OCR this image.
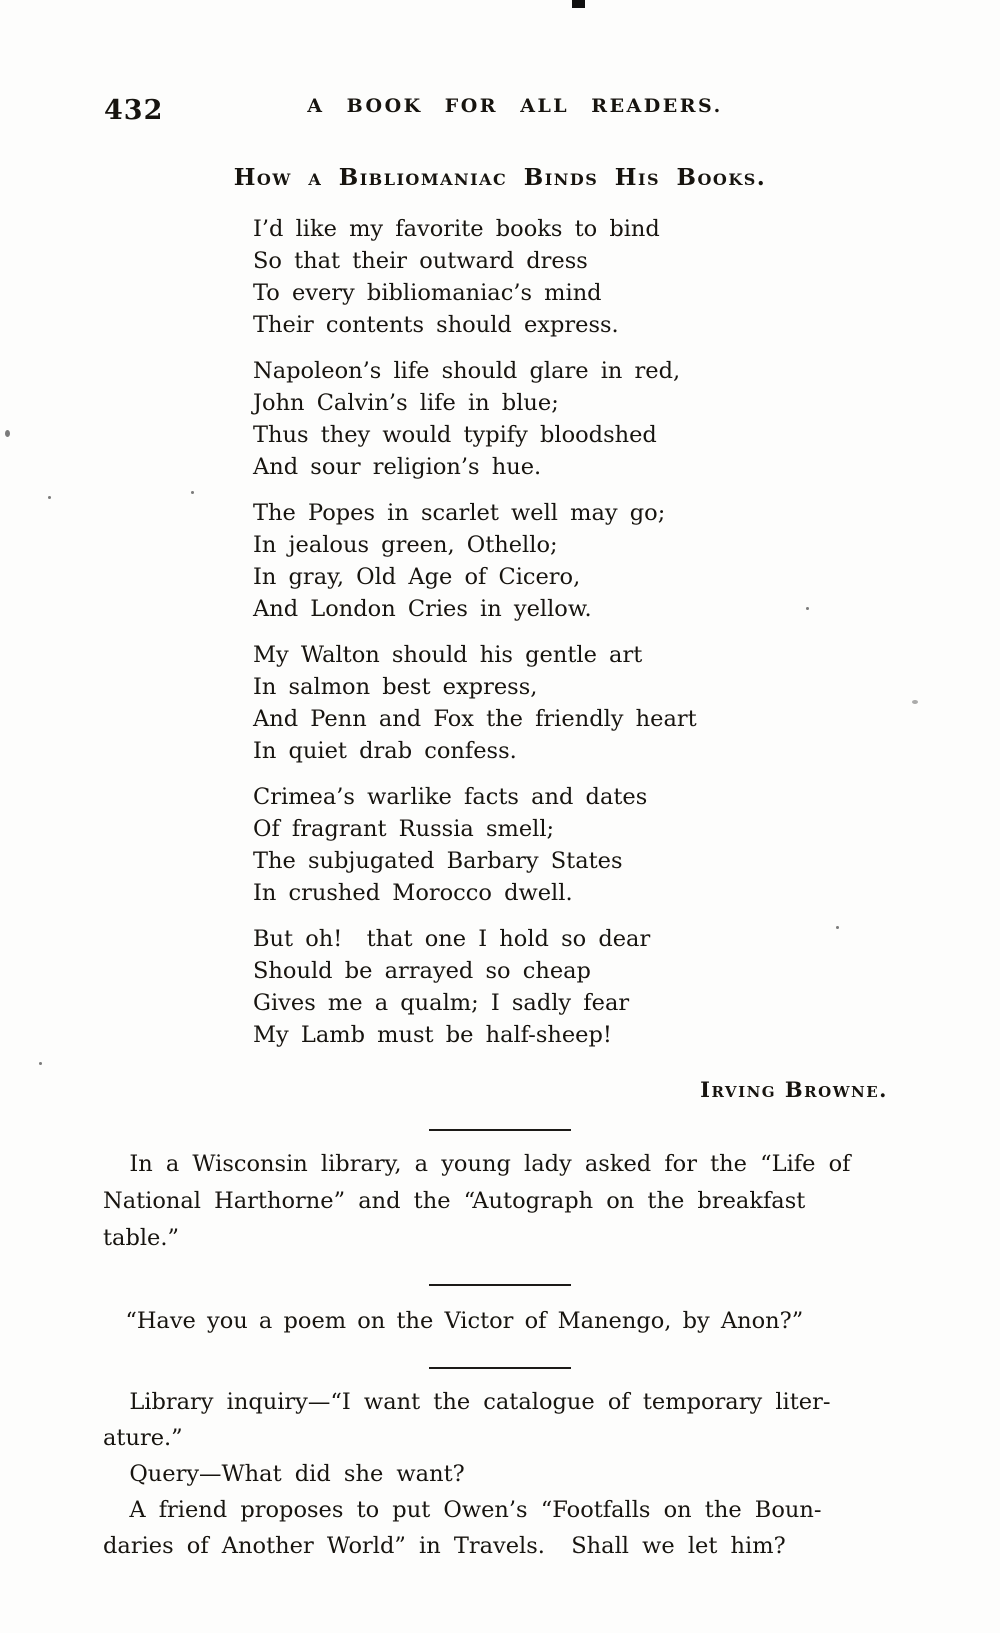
432	A BOOK FOR ALL READERS.
How a Bibliomaniac Binds His Books.
I’d like my favorite books to bind
So that their outward dress
To every bibliomaniac’s mind
Their contents should express.
Napoleon’s life should glare in red,
John Calvin’s life in blue;
Thus they would typify bloodshed
And sour religion’s hue.
The Popes in scarlet well may go;
In jealous green, Othello;
In gray, Old Age of Cicero,
And London Cries in yellow.
My Walton should his gentle art
In salmon best express,
And Penn and Fox the friendly heart
In quiet drab confess.
Crimea’s warlike facts and dates
Of fragrant Russia smell;
The subjugated Barbary States
In crushed Morocco dwell.
But oh!  that one I hold so dear
Should be arrayed so cheap
Gives me a qualm; I sadly fear
My Lamb must be half-sheep!
Irving Browne.
In a Wisconsin library, a young lady asked for the “Life of
National Harthorne” and the “Autograph on the breakfast
table.”
“Have you a poem on the Victor of Manengo, by Anon?”
Library inquiry—“I want the catalogue of temporary liter-
ature.”
Query—What did she want?
A friend proposes to put Owen’s “Footfalls on the Boun-
daries of Another World” in Travels.  Shall we let him?
